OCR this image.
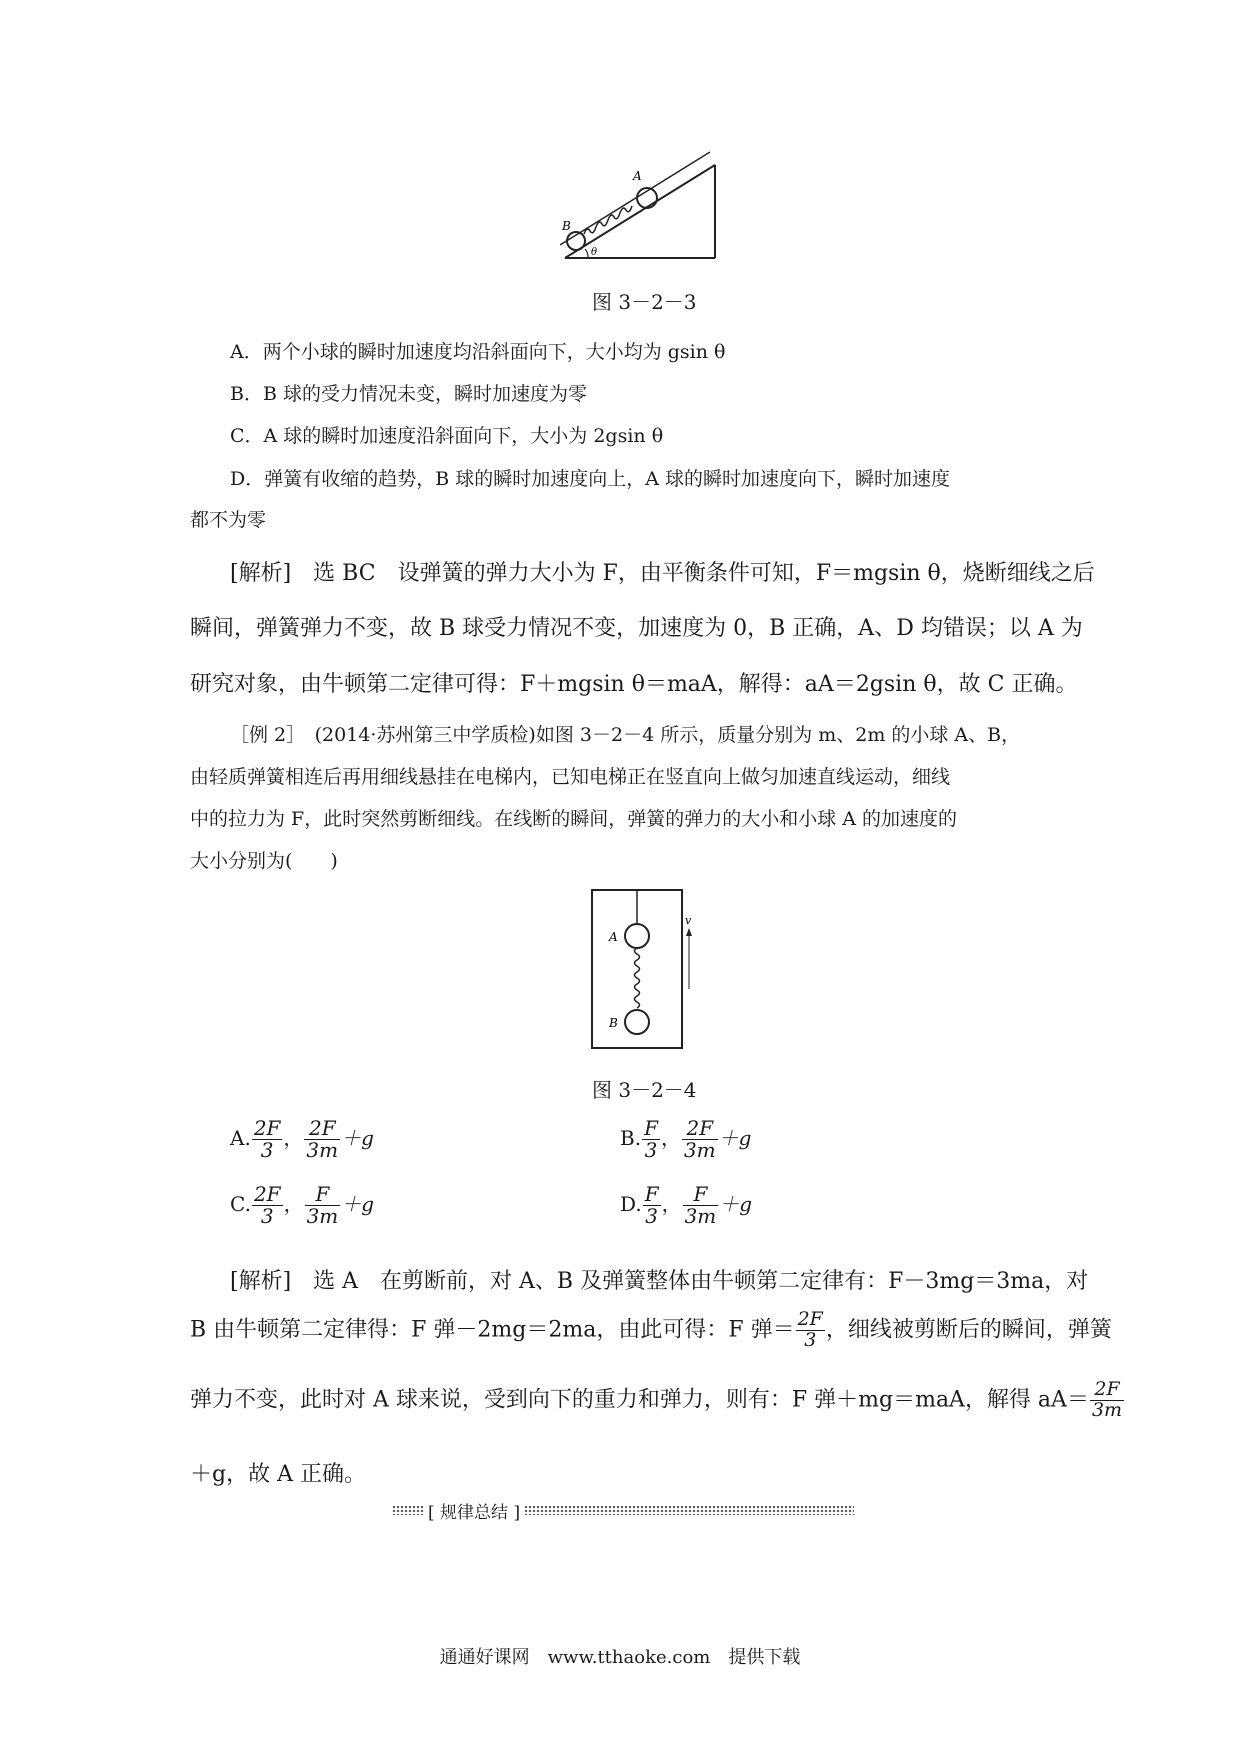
B
A
θ
图 3－2－3
A．两个小球的瞬时加速度均沿斜面向下，大小均为 gsin θ
B．B 球的受力情况未变，瞬时加速度为零
C．A 球的瞬时加速度沿斜面向下，大小为 2gsin θ
D．弹簧有收缩的趋势，B 球的瞬时加速度向上，A 球的瞬时加速度向下，瞬时加速度
都不为零
[解析]　选 BC　设弹簧的弹力大小为 F，由平衡条件可知，F＝mgsin θ，烧断细线之后
瞬间，弹簧弹力不变，故 B 球受力情况不变，加速度为 0，B 正确，A、D 均错误；以 A 为
研究对象，由牛顿第二定律可得：F＋mgsin θ＝maA，解得：aA＝2gsin θ，故 C 正确。
［例 2］　(2014·苏州第三中学质检)如图 3－2－4 所示，质量分别为 m、2m 的小球 A、B，
由轻质弹簧相连后再用细线悬挂在电梯内，已知电梯正在竖直向上做匀加速直线运动，细线
中的拉力为 F，此时突然剪断细线。在线断的瞬间，弹簧的弹力的大小和小球 A 的加速度的
大小分别为(　　)
A
B
v
图 3－2－4
A. $\frac{2F}{3}$ ， $\frac{2F}{3m} +g$	B. $\frac{F}{3}$ ， $\frac{2F}{3m} +g$
C. $\frac{2F}{3}$ ， $\frac{F}{3m} +g$	D. $\frac{F}{3}$ ， $\frac{F}{3m} +g$
[解析]　选 A　在剪断前，对 A、B 及弹簧整体由牛顿第二定律有：F－3mg＝3ma，对
B 由牛顿第二定律得：F 弹－2mg＝2ma，由此可得：F 弹＝ $\frac{2F}{3}$ ，细线被剪断后的瞬间，弹簧
弹力不变，此时对 A 球来说，受到向下的重力和弹力，则有：F 弹＋mg＝maA，解得 $aA= \frac{2F}{3m}$
＋g，故 A 正确。
[ 规律总结 ]
通通好课网　www.tthaoke.com　提供下载
